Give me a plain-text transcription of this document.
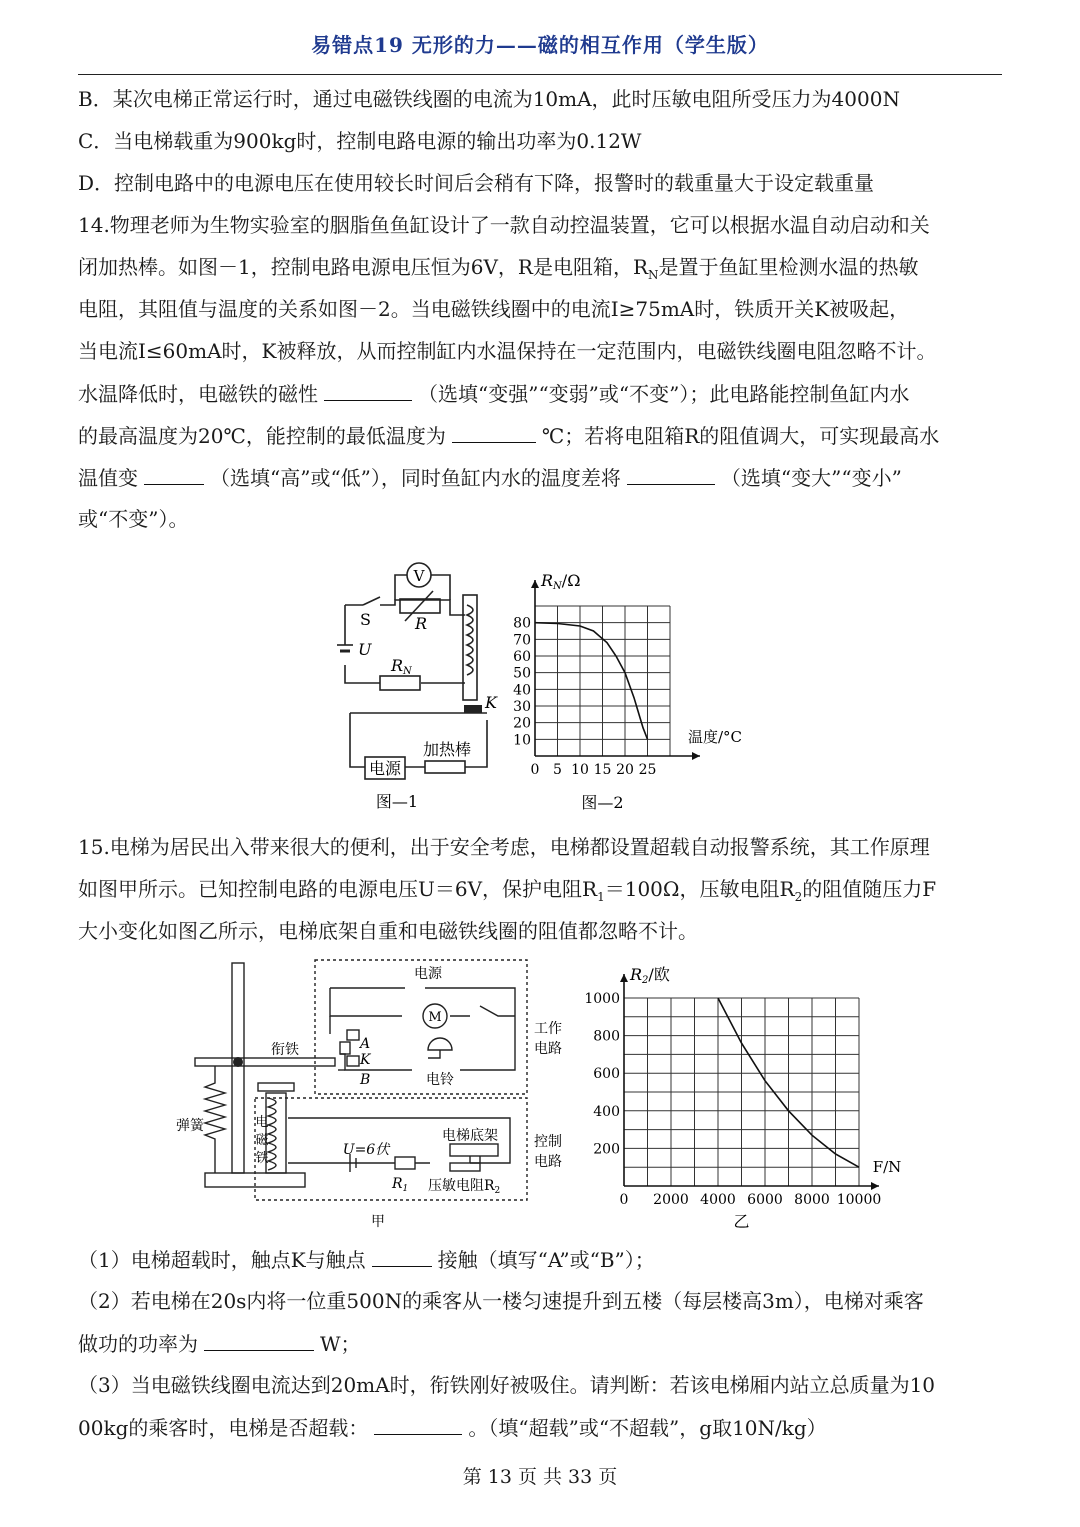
易错点19 无形的力——磁的相互作用（学生版）
B．某次电梯正常运行时，通过电磁铁线圈的电流为10mA，此时压敏电阻所受压力为4000N
C．当电梯载重为900kg时，控制电路电源的输出功率为0.12W
D．控制电路中的电源电压在使用较长时间后会稍有下降，报警时的载重量大于设定载重量
14.物理老师为生物实验室的胭脂鱼鱼缸设计了一款自动控温装置，它可以根据水温自动启动和关
闭加热棒。如图－1，控制电路电源电压恒为6V，R是电阻箱，$R_N$是置于鱼缸里检测水温的热敏
电阻，其阻值与温度的关系如图－2。当电磁铁线圈中的电流I≥75mA时，铁质开关K被吸起，
当电流I≤60mA时，K被释放，从而控制缸内水温保持在一定范围内，电磁铁线圈电阻忽略不计。
水温降低时，电磁铁的磁性	（选填“变强”“变弱”或“不变”）；此电路能控制鱼缸内水
的最高温度为20℃，能控制的最低温度为	℃；若将电阻箱R的阻值调大，可实现最高水
温值变	（选填“高”或“低”），同时鱼缸内水的温度差将	（选填“变大”“变小”
或“不变”）。
V
S	R
U
RN
K
电源
加热棒
图—1
0 5 10 15 20 25
10
20
30
40
50
60
70
80
RN/Ω
温度/°C
图—2
15.电梯为居民出入带来很大的便利，出于安全考虑，电梯都设置超载自动报警系统，其工作原理
如图甲所示。已知控制电路的电源电压U＝6V，保护电阻$R_1=100\Omega$，压敏电阻$R_2$的阻值随压力F
大小变化如图乙所示，电梯底架自重和电磁铁线圈的阻值都忽略不计。
电源
M
工作
电路
A
K
B	电铃
衔铁
弹簧	电
磁
铁
U=6伏
电梯底架	控制
电路
$R_1$ 压敏电阻$R_2$
甲
0 2000 4000 6000 8000 10000
200
400
600
800
1000
R2/欧
F/N
乙
（1）电梯超载时，触点K与触点	接触（填写“A”或“B”）；
（2）若电梯在20s内将一位重500N的乘客从一楼匀速提升到五楼（每层楼高3m），电梯对乘客
做功的功率为	W；
（3）当电磁铁线圈电流达到20mA时，衔铁刚好被吸住。请判断：若该电梯厢内站立总质量为10
00kg的乘客时，电梯是否超载：	。（填“超载”或“不超载”，g取10N/kg）
第 13 页 共 33 页
